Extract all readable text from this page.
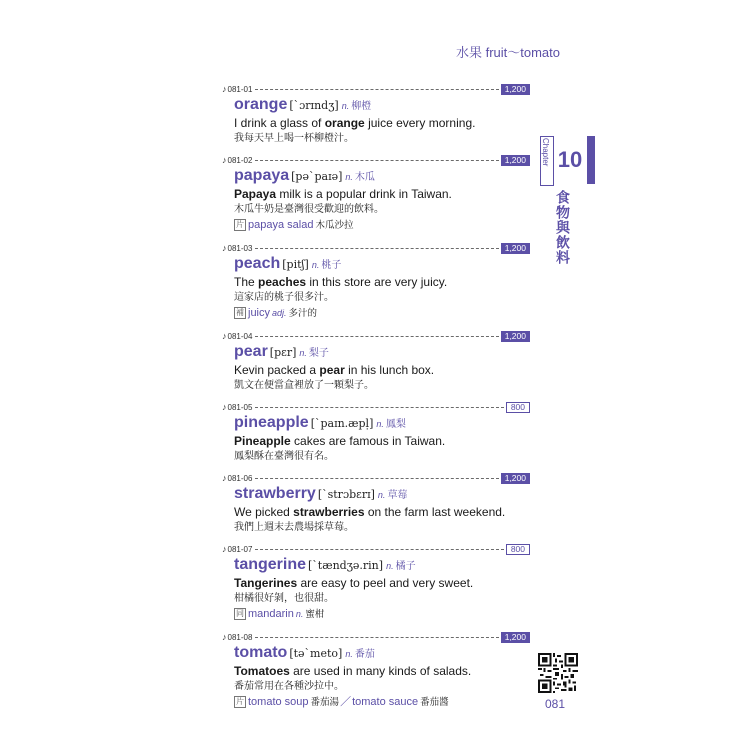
水果 fruit～tomato
♪081-01	1,200
orange [ˋɔrɪndʒ] n. 柳橙
I drink a glass of orange juice every morning.
我每天早上喝一杯柳橙汁。
♪081-02	1,200
papaya [pəˋpaɪə] n. 木瓜
Papaya milk is a popular drink in Taiwan.
木瓜牛奶是臺灣很受歡迎的飲料。
片 papaya salad 木瓜沙拉
♪081-03	1,200
peach [pitʃ] n. 桃子
The peaches in this store are very juicy.
這家店的桃子很多汁。
補 juicy adj. 多汁的
♪081-04	1,200
pear [pɛr] n. 梨子
Kevin packed a pear in his lunch box.
凱文在便當盒裡放了一顆梨子。
♪081-05	800
pineapple [ˋpaɪn.æpḷ] n. 鳳梨
Pineapple cakes are famous in Taiwan.
鳳梨酥在臺灣很有名。
♪081-06	1,200
strawberry [ˋstrɔbɛrɪ] n. 草莓
We picked strawberries on the farm last weekend.
我們上週末去農場採草莓。
♪081-07	800
tangerine [ˋtændʒə.rin] n. 橘子
Tangerines are easy to peel and very sweet.
柑橘很好剝，也很甜。
同 mandarin n. 蜜柑
♪081-08	1,200
tomato [təˋmeto] n. 番茄
Tomatoes are used in many kinds of salads.
番茄常用在各種沙拉中。
片 tomato soup 番茄湯／tomato sauce 番茄醬
Chapter 10
食物與飲料
081
